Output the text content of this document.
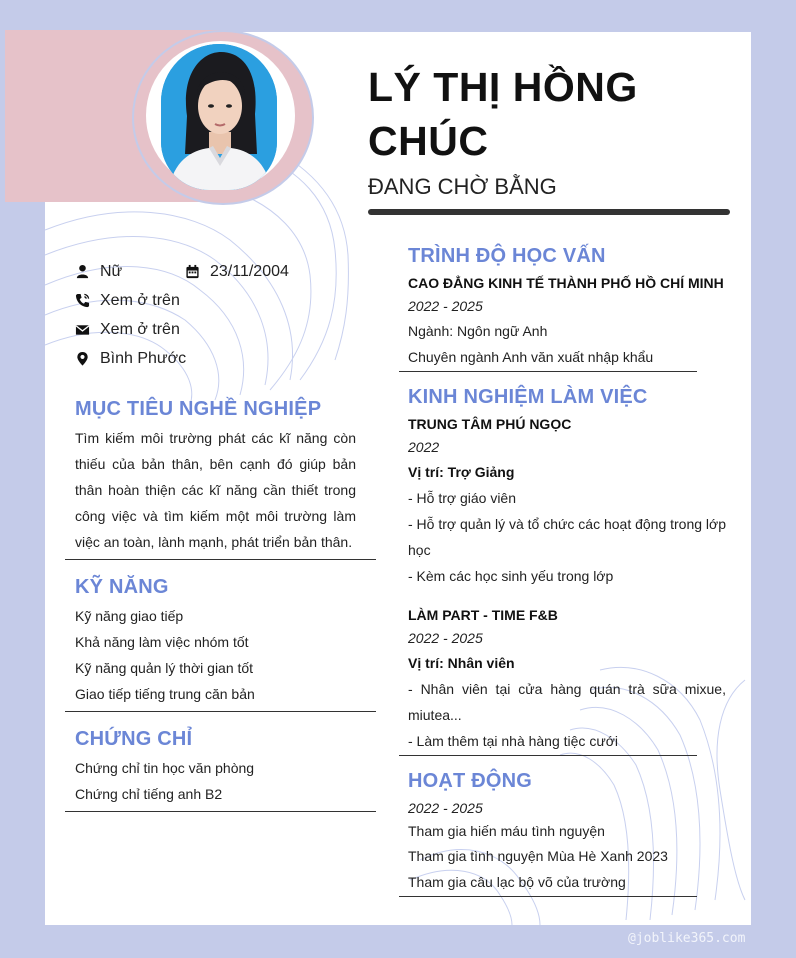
LÝ THỊ HỒNG
CHÚC
ĐANG CHỜ BẰNG
Nữ	23/11/2004
Xem ở trên
Xem ở trên
Bình Phước
MỤC TIÊU NGHỀ NGHIỆP
Tìm kiếm môi trường phát các kĩ năng còn thiếu của bản thân, bên cạnh đó giúp bản thân hoàn thiện các kĩ năng cần thiết trong công việc và tìm kiếm một môi trường làm việc an toàn, lành mạnh, phát triển bản thân.
KỸ NĂNG
Kỹ năng giao tiếp
Khả năng làm việc nhóm tốt
Kỹ năng quản lý thời gian tốt
Giao tiếp tiếng trung căn bản
CHỨNG CHỈ
Chứng chỉ tin học văn phòng
Chứng chỉ tiếng anh B2
TRÌNH ĐỘ HỌC VẤN
CAO ĐẲNG KINH TẾ THÀNH PHỐ HỒ CHÍ MINH
2022 - 2025
Ngành: Ngôn ngữ Anh
Chuyên ngành Anh văn xuất nhập khẩu
KINH NGHIỆM LÀM VIỆC
TRUNG TÂM PHÚ NGỌC
2022
Vị trí: Trợ Giảng
- Hỗ trợ giáo viên
- Hỗ trợ quản lý và tổ chức các hoạt động trong lớp học
- Kèm các học sinh yếu trong lớp
LÀM PART - TIME F&B
2022 - 2025
Vị trí: Nhân viên
- Nhân viên tại cửa hàng quán trà sữa mixue, miutea...
- Làm thêm tại nhà hàng tiệc cưới
HOẠT ĐỘNG
2022 - 2025
Tham gia hiến máu tình nguyện
Tham gia tình nguyện Mùa Hè Xanh 2023
Tham gia câu lạc bộ võ của trường
@joblike365.com
